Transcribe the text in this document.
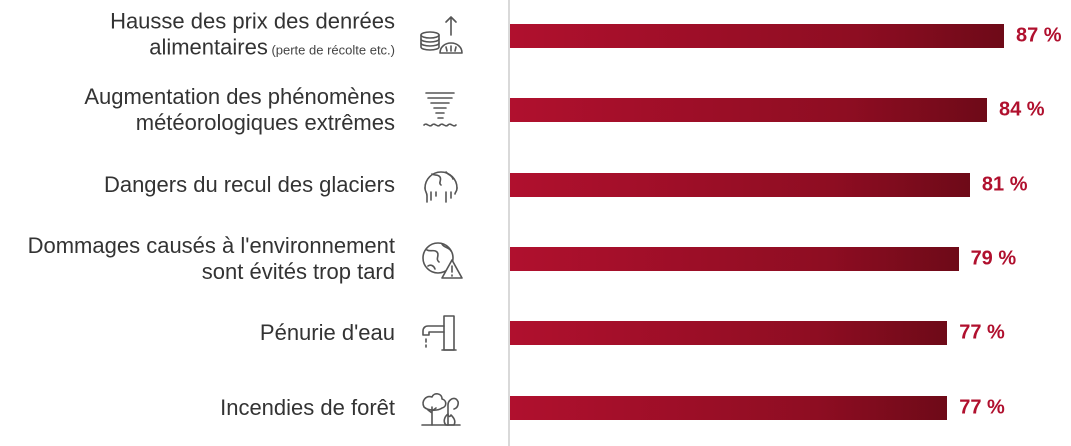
Hausse des prix des denrées
alimentaires (perte de récolte etc.)
87 %
Augmentation des phénomènes
météorologiques extrêmes
84 %
Dangers du recul des glaciers	81 %
Dommages causés à l'environnement
sont évités trop tard
79 %
Pénurie d'eau	77 %
Incendies de forêt	77 %
